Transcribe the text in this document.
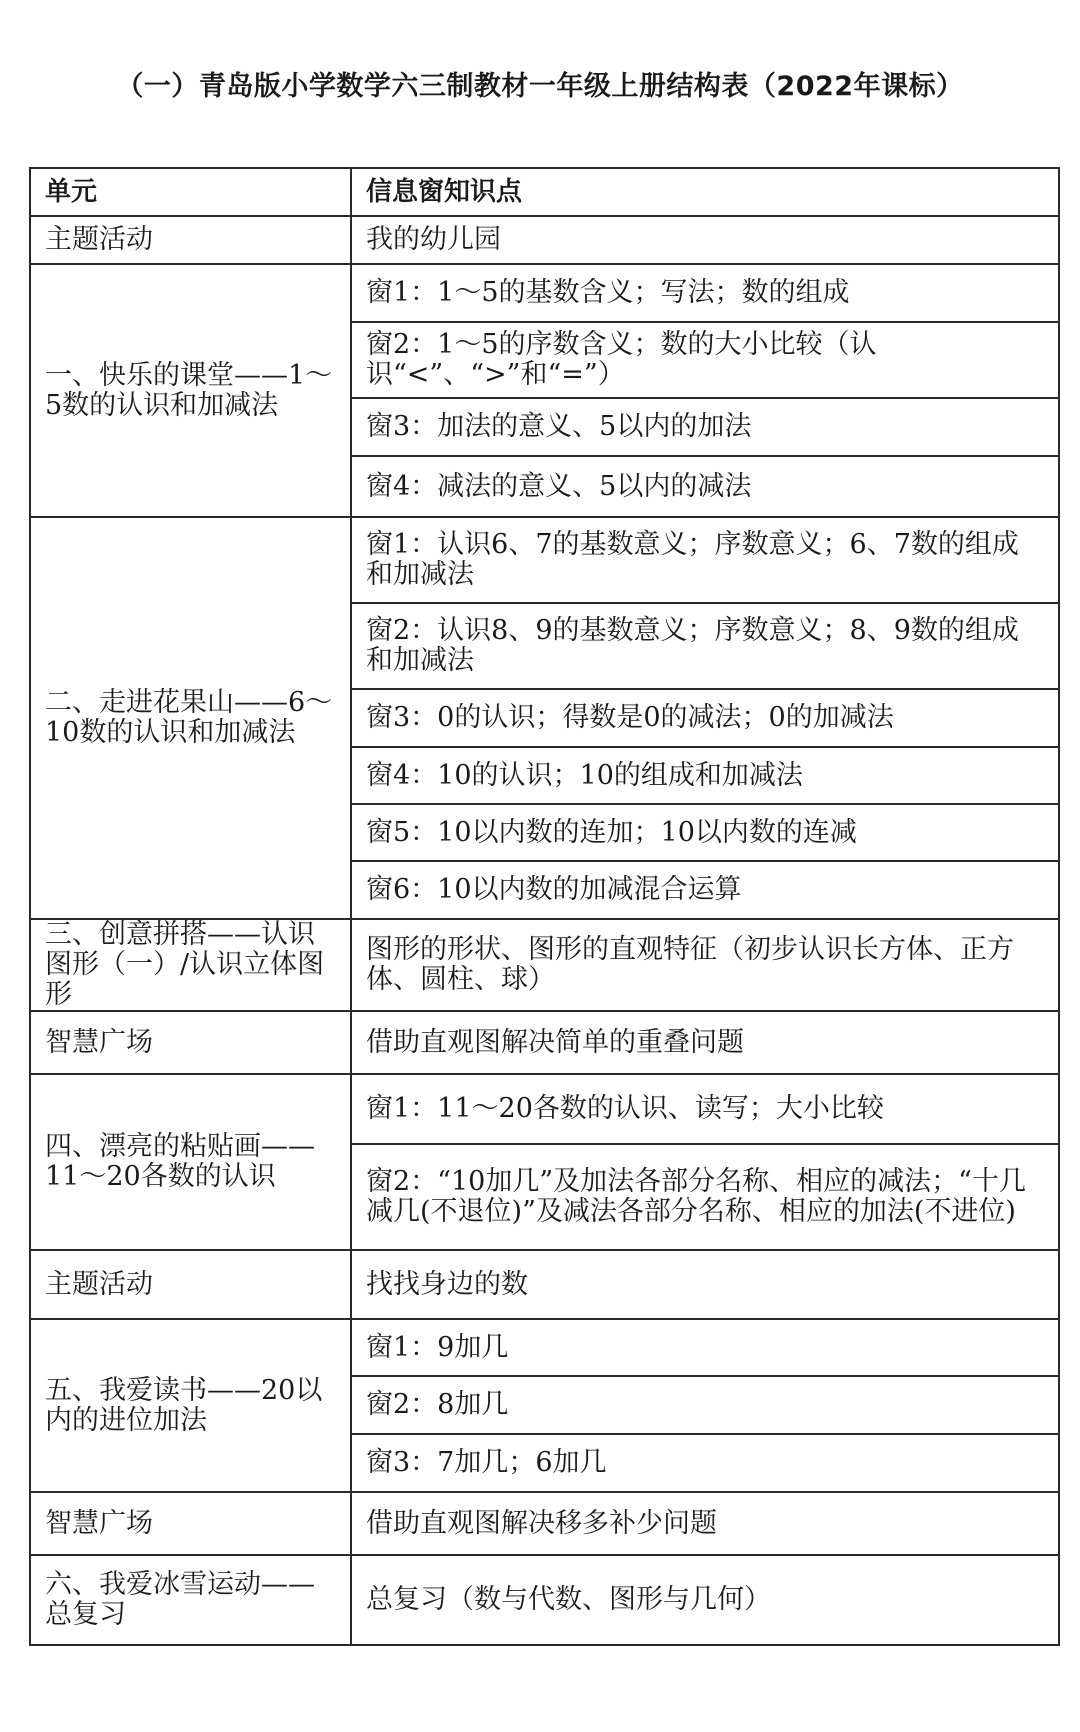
（一）青岛版小学数学六三制教材一年级上册结构表（2022年课标）
单元	信息窗知识点
主题活动	我的幼儿园
一、快乐的课堂——1～5数的认识和加减法	窗1：1～5的基数含义；写法；数的组成
	窗2：1～5的序数含义；数的大小比较（认识“<”、“>”和“=”）
	窗3：加法的意义、5以内的加法
	窗4：减法的意义、5以内的减法
二、走进花果山——6～10数的认识和加减法	窗1：认识6、7的基数意义；序数意义；6、7数的组成和加减法
	窗2：认识8、9的基数意义；序数意义；8、9数的组成和加减法
	窗3：0的认识；得数是0的减法；0的加减法
	窗4：10的认识；10的组成和加减法
	窗5：10以内数的连加；10以内数的连减
	窗6：10以内数的加减混合运算
三、创意拼搭——认识图形（一）/认识立体图形	图形的形状、图形的直观特征（初步认识长方体、正方体、圆柱、球）
智慧广场	借助直观图解决简单的重叠问题
四、漂亮的粘贴画——11～20各数的认识	窗1：11～20各数的认识、读写；大小比较
	窗2：“10加几”及加法各部分名称、相应的减法；“十几减几(不退位)”及减法各部分名称、相应的加法(不进位)
主题活动	找找身边的数
五、我爱读书——20以内的进位加法	窗1：9加几
	窗2：8加几
	窗3：7加几；6加几
智慧广场	借助直观图解决移多补少问题
六、我爱冰雪运动——总复习	总复习（数与代数、图形与几何）
